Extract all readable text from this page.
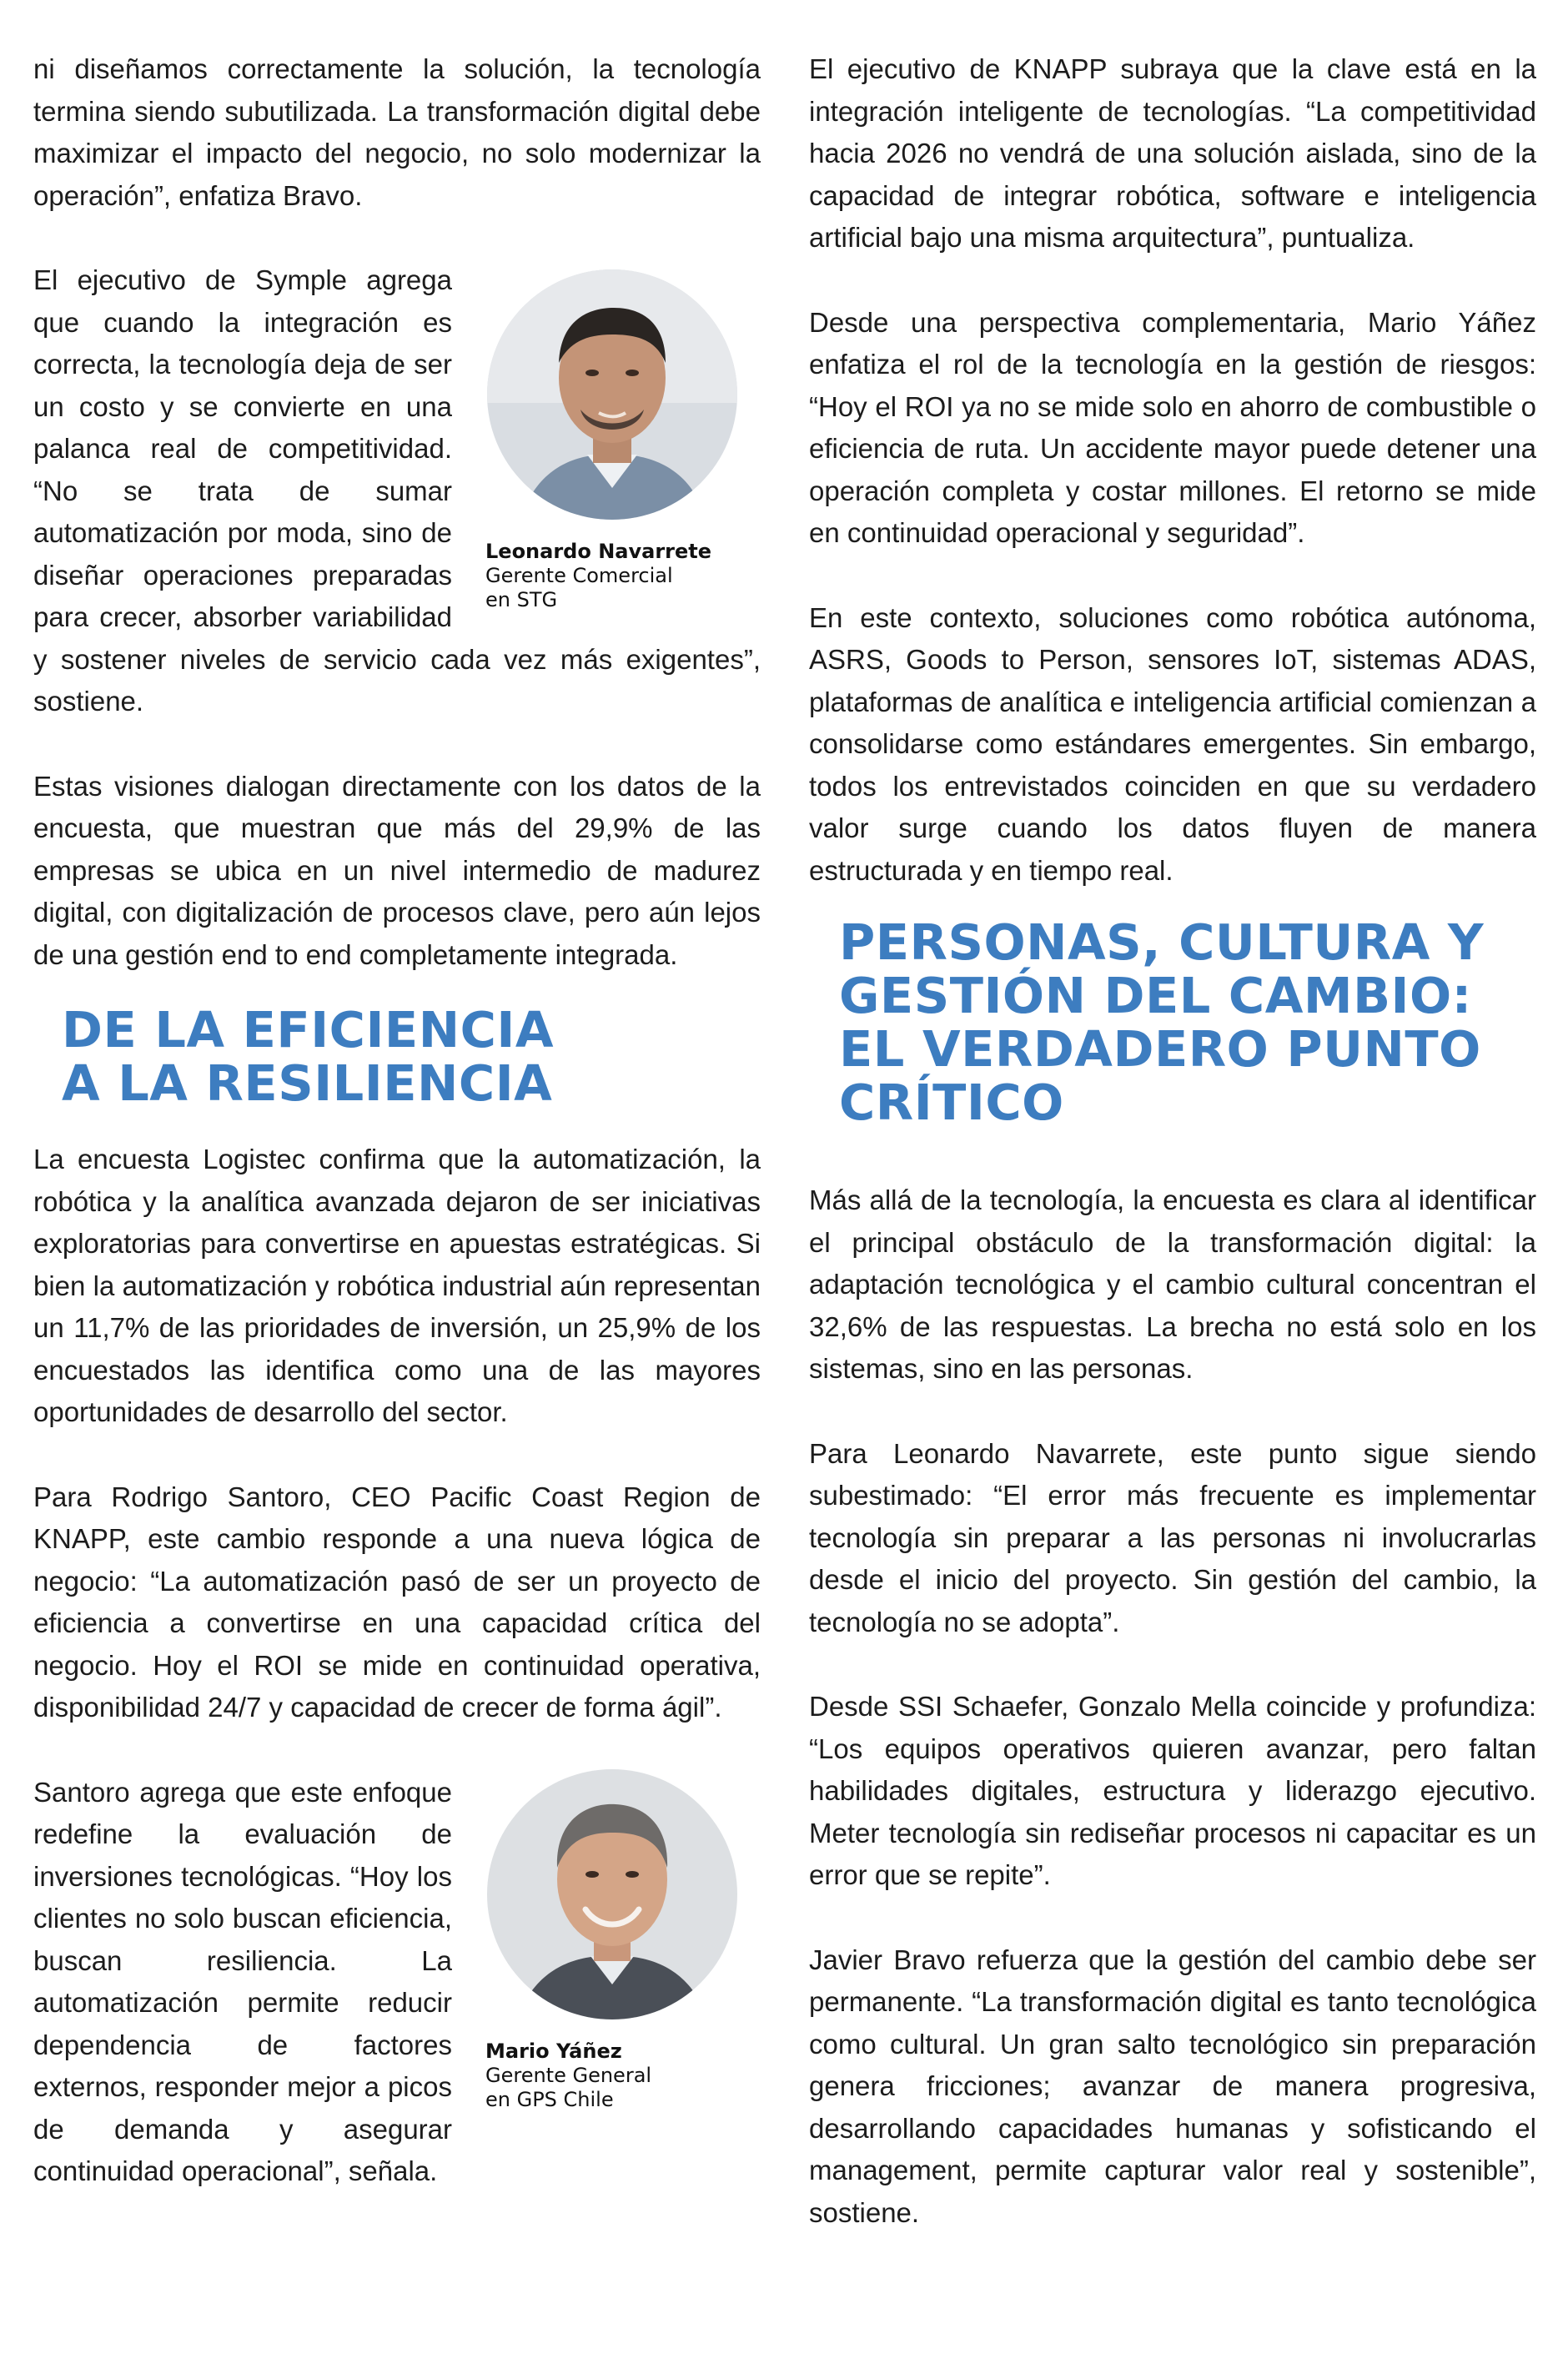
ni diseñamos correctamente la solución, la tecnología termina siendo subutilizada. La transformación digital debe maximizar el impacto del negocio, no solo modernizar la operación”, enfatiza Bravo.

Leonardo Navarrete
Gerente Comercial
en STG

El ejecutivo de Symple agrega que cuando la integración es correcta, la tecnología deja de ser un costo y se convierte en una palanca real de competitividad. “No se trata de sumar automatización por moda, sino de diseñar operaciones preparadas para crecer, absorber variabilidad y sostener niveles de servicio cada vez más exigentes”, sostiene.

Estas visiones dialogan directamente con los datos de la encuesta, que muestran que más del 29,9% de las empresas se ubica en un nivel intermedio de madurez digital, con digitalización de procesos clave, pero aún lejos de una gestión end to end completamente integrada.

DE LA EFICIENCIA
A LA RESILIENCIA

La encuesta Logistec confirma que la automatización, la robótica y la analítica avanzada dejaron de ser iniciativas exploratorias para convertirse en apuestas estratégicas. Si bien la automatización y robótica industrial aún representan un 11,7% de las prioridades de inversión, un 25,9% de los encuestados las identifica como una de las mayores oportunidades de desarrollo del sector.

Para Rodrigo Santoro, CEO Pacific Coast Region de KNAPP, este cambio responde a una nueva lógica de negocio: “La automatización pasó de ser un proyecto de eficiencia a convertirse en una capacidad crítica del negocio. Hoy el ROI se mide en continuidad operativa, disponibilidad 24/7 y capacidad de crecer de forma ágil”.

Mario Yáñez
Gerente General
en GPS Chile

Santoro agrega que este enfoque redefine la evaluación de inversiones tecnológicas. “Hoy los clientes no solo buscan eficiencia, buscan resiliencia. La automatización permite reducir dependencia de factores externos, responder mejor a picos de demanda y asegurar continuidad operacional”, señala.

El ejecutivo de KNAPP subraya que la clave está en la integración inteligente de tecnologías. “La competitividad hacia 2026 no vendrá de una solución aislada, sino de la capacidad de integrar robótica, software e inteligencia artificial bajo una misma arquitectura”, puntualiza.

Desde una perspectiva complementaria, Mario Yáñez enfatiza el rol de la tecnología en la gestión de riesgos: “Hoy el ROI ya no se mide solo en ahorro de combustible o eficiencia de ruta. Un accidente mayor puede detener una operación completa y costar millones. El retorno se mide en continuidad operacional y seguridad”.

En este contexto, soluciones como robótica autónoma, ASRS, Goods to Person, sensores IoT, sistemas ADAS, plataformas de analítica e inteligencia artificial comienzan a consolidarse como estándares emergentes. Sin embargo, todos los entrevistados coinciden en que su verdadero valor surge cuando los datos fluyen de manera estructurada y en tiempo real.

PERSONAS, CULTURA Y
GESTIÓN DEL CAMBIO:
EL VERDADERO PUNTO
CRÍTICO

Más allá de la tecnología, la encuesta es clara al identificar el principal obstáculo de la transformación digital: la adaptación tecnológica y el cambio cultural concentran el 32,6% de las respuestas. La brecha no está solo en los sistemas, sino en las personas.

Para Leonardo Navarrete, este punto sigue siendo subestimado: “El error más frecuente es implementar tecnología sin preparar a las personas ni involucrarlas desde el inicio del proyecto. Sin gestión del cambio, la tecnología no se adopta”.

Desde SSI Schaefer, Gonzalo Mella coincide y profundiza: “Los equipos operativos quieren avanzar, pero faltan habilidades digitales, estructura y liderazgo ejecutivo. Meter tecnología sin rediseñar procesos ni capacitar es un error que se repite”.

Javier Bravo refuerza que la gestión del cambio debe ser permanente. “La transformación digital es tanto tecnológica como cultural. Un gran salto tecnológico sin preparación genera fricciones; avanzar de manera progresiva, desarrollando capacidades humanas y sofisticando el management, permite capturar valor real y sostenible”, sostiene.
